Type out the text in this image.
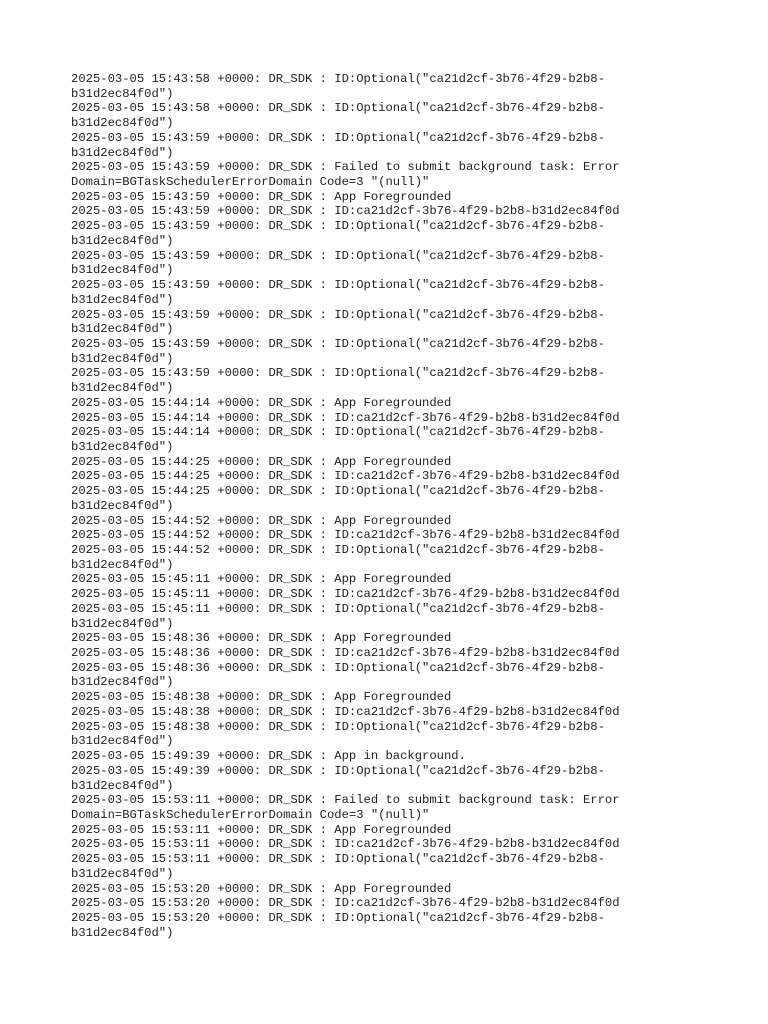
2025-03-05 15:43:58 +0000: DR_SDK : ID:Optional("ca21d2cf-3b76-4f29-b2b8-
b31d2ec84f0d")
2025-03-05 15:43:58 +0000: DR_SDK : ID:Optional("ca21d2cf-3b76-4f29-b2b8-
b31d2ec84f0d")
2025-03-05 15:43:59 +0000: DR_SDK : ID:Optional("ca21d2cf-3b76-4f29-b2b8-
b31d2ec84f0d")
2025-03-05 15:43:59 +0000: DR_SDK : Failed to submit background task: Error
Domain=BGTaskSchedulerErrorDomain Code=3 "(null)"
2025-03-05 15:43:59 +0000: DR_SDK : App Foregrounded
2025-03-05 15:43:59 +0000: DR_SDK : ID:ca21d2cf-3b76-4f29-b2b8-b31d2ec84f0d
2025-03-05 15:43:59 +0000: DR_SDK : ID:Optional("ca21d2cf-3b76-4f29-b2b8-
b31d2ec84f0d")
2025-03-05 15:43:59 +0000: DR_SDK : ID:Optional("ca21d2cf-3b76-4f29-b2b8-
b31d2ec84f0d")
2025-03-05 15:43:59 +0000: DR_SDK : ID:Optional("ca21d2cf-3b76-4f29-b2b8-
b31d2ec84f0d")
2025-03-05 15:43:59 +0000: DR_SDK : ID:Optional("ca21d2cf-3b76-4f29-b2b8-
b31d2ec84f0d")
2025-03-05 15:43:59 +0000: DR_SDK : ID:Optional("ca21d2cf-3b76-4f29-b2b8-
b31d2ec84f0d")
2025-03-05 15:43:59 +0000: DR_SDK : ID:Optional("ca21d2cf-3b76-4f29-b2b8-
b31d2ec84f0d")
2025-03-05 15:44:14 +0000: DR_SDK : App Foregrounded
2025-03-05 15:44:14 +0000: DR_SDK : ID:ca21d2cf-3b76-4f29-b2b8-b31d2ec84f0d
2025-03-05 15:44:14 +0000: DR_SDK : ID:Optional("ca21d2cf-3b76-4f29-b2b8-
b31d2ec84f0d")
2025-03-05 15:44:25 +0000: DR_SDK : App Foregrounded
2025-03-05 15:44:25 +0000: DR_SDK : ID:ca21d2cf-3b76-4f29-b2b8-b31d2ec84f0d
2025-03-05 15:44:25 +0000: DR_SDK : ID:Optional("ca21d2cf-3b76-4f29-b2b8-
b31d2ec84f0d")
2025-03-05 15:44:52 +0000: DR_SDK : App Foregrounded
2025-03-05 15:44:52 +0000: DR_SDK : ID:ca21d2cf-3b76-4f29-b2b8-b31d2ec84f0d
2025-03-05 15:44:52 +0000: DR_SDK : ID:Optional("ca21d2cf-3b76-4f29-b2b8-
b31d2ec84f0d")
2025-03-05 15:45:11 +0000: DR_SDK : App Foregrounded
2025-03-05 15:45:11 +0000: DR_SDK : ID:ca21d2cf-3b76-4f29-b2b8-b31d2ec84f0d
2025-03-05 15:45:11 +0000: DR_SDK : ID:Optional("ca21d2cf-3b76-4f29-b2b8-
b31d2ec84f0d")
2025-03-05 15:48:36 +0000: DR_SDK : App Foregrounded
2025-03-05 15:48:36 +0000: DR_SDK : ID:ca21d2cf-3b76-4f29-b2b8-b31d2ec84f0d
2025-03-05 15:48:36 +0000: DR_SDK : ID:Optional("ca21d2cf-3b76-4f29-b2b8-
b31d2ec84f0d")
2025-03-05 15:48:38 +0000: DR_SDK : App Foregrounded
2025-03-05 15:48:38 +0000: DR_SDK : ID:ca21d2cf-3b76-4f29-b2b8-b31d2ec84f0d
2025-03-05 15:48:38 +0000: DR_SDK : ID:Optional("ca21d2cf-3b76-4f29-b2b8-
b31d2ec84f0d")
2025-03-05 15:49:39 +0000: DR_SDK : App in background.
2025-03-05 15:49:39 +0000: DR_SDK : ID:Optional("ca21d2cf-3b76-4f29-b2b8-
b31d2ec84f0d")
2025-03-05 15:53:11 +0000: DR_SDK : Failed to submit background task: Error
Domain=BGTaskSchedulerErrorDomain Code=3 "(null)"
2025-03-05 15:53:11 +0000: DR_SDK : App Foregrounded
2025-03-05 15:53:11 +0000: DR_SDK : ID:ca21d2cf-3b76-4f29-b2b8-b31d2ec84f0d
2025-03-05 15:53:11 +0000: DR_SDK : ID:Optional("ca21d2cf-3b76-4f29-b2b8-
b31d2ec84f0d")
2025-03-05 15:53:20 +0000: DR_SDK : App Foregrounded
2025-03-05 15:53:20 +0000: DR_SDK : ID:ca21d2cf-3b76-4f29-b2b8-b31d2ec84f0d
2025-03-05 15:53:20 +0000: DR_SDK : ID:Optional("ca21d2cf-3b76-4f29-b2b8-
b31d2ec84f0d")
